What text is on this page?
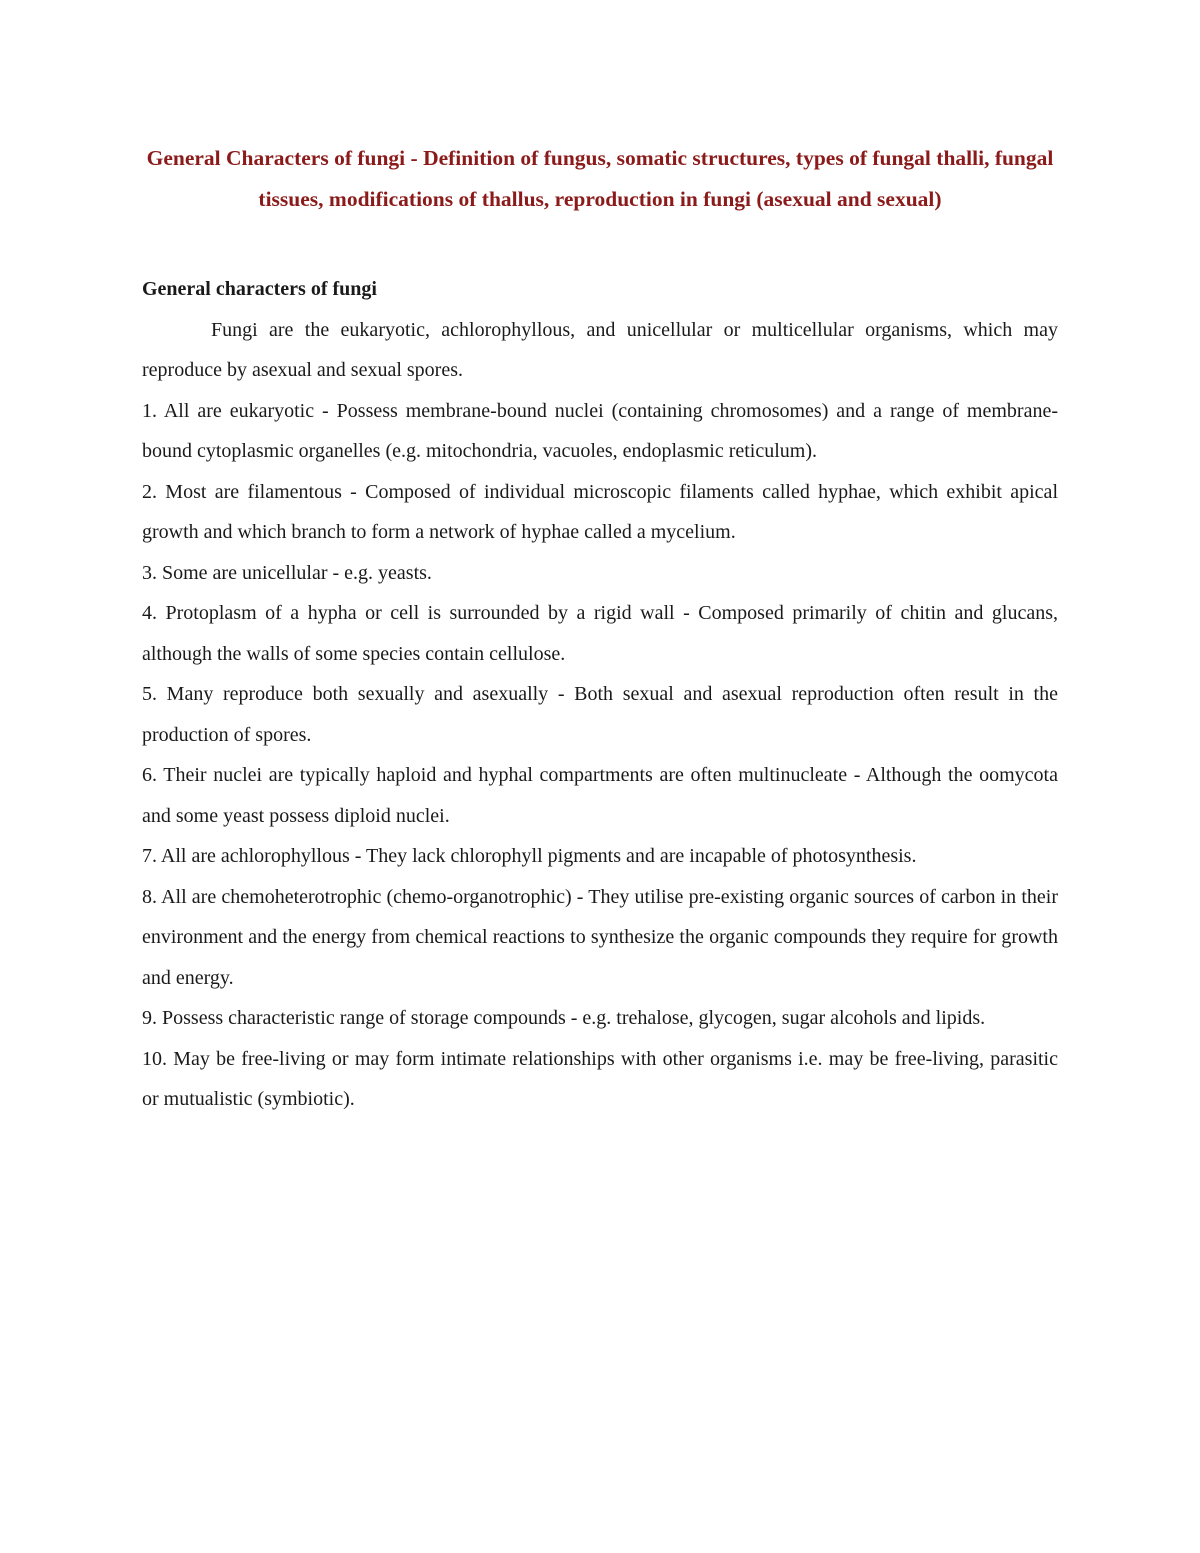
General Characters of fungi - Definition of fungus, somatic structures, types of fungal thalli, fungal tissues, modifications of thallus, reproduction in fungi (asexual and sexual)
General characters of fungi

Fungi are the eukaryotic, achlorophyllous, and unicellular or multicellular organisms, which may reproduce by asexual and sexual spores.

1. All are eukaryotic - Possess membrane-bound nuclei (containing chromosomes) and a range of membrane-bound cytoplasmic organelles (e.g. mitochondria, vacuoles, endoplasmic reticulum).
2. Most are filamentous - Composed of individual microscopic filaments called hyphae, which exhibit apical growth and which branch to form a network of hyphae called a mycelium.
3. Some are unicellular - e.g. yeasts.
4. Protoplasm of a hypha or cell is surrounded by a rigid wall - Composed primarily of chitin and glucans, although the walls of some species contain cellulose.
5. Many reproduce both sexually and asexually - Both sexual and asexual reproduction often result in the production of spores.
6. Their nuclei are typically haploid and hyphal compartments are often multinucleate - Although the oomycota and some yeast possess diploid nuclei.
7. All are achlorophyllous - They lack chlorophyll pigments and are incapable of photosynthesis.
8. All are chemoheterotrophic (chemo-organotrophic) - They utilise pre-existing organic sources of carbon in their environment and the energy from chemical reactions to synthesize the organic compounds they require for growth and energy.
9. Possess characteristic range of storage compounds - e.g. trehalose, glycogen, sugar alcohols and lipids.
10. May be free-living or may form intimate relationships with other organisms i.e. may be free-living, parasitic or mutualistic (symbiotic).
